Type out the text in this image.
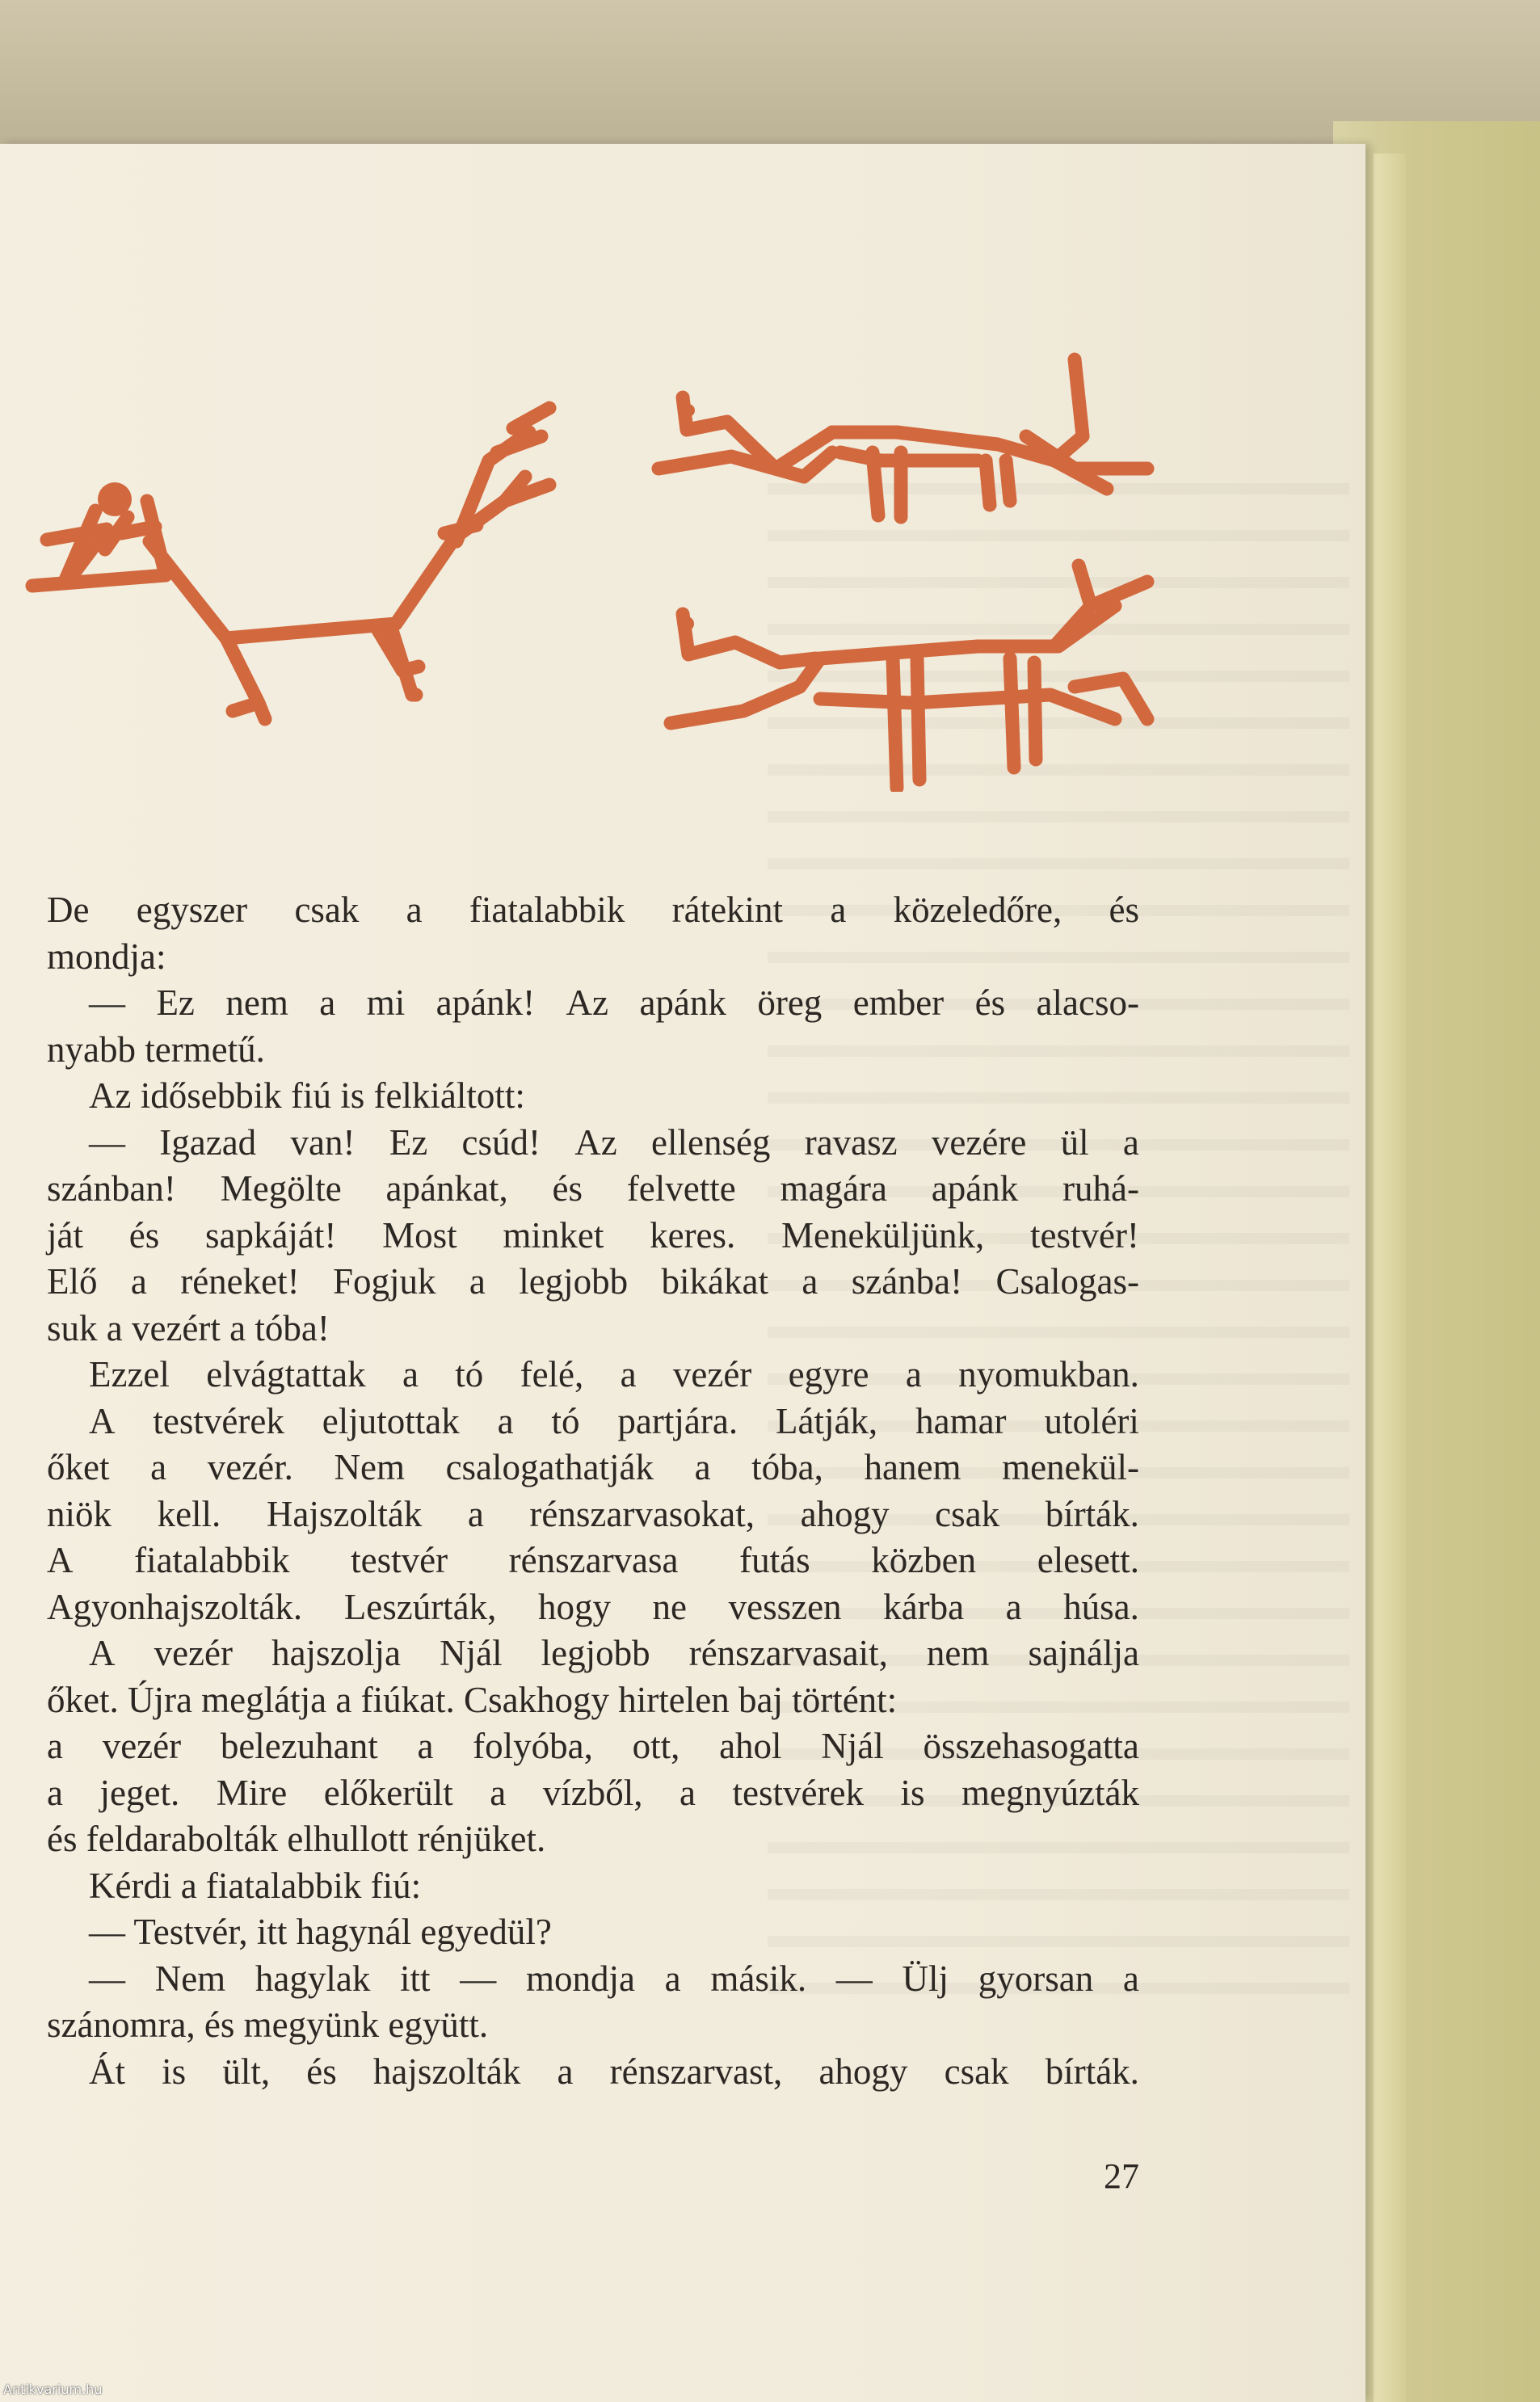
De egyszer csak a fiatalabbik rátekint a közeledőre, és
mondja:
— Ez nem a mi apánk! Az apánk öreg ember és alacso-
nyabb termetű.
Az idősebbik fiú is felkiáltott:
— Igazad van! Ez csúd! Az ellenség ravasz vezére ül a
szánban! Megölte apánkat, és felvette magára apánk ruhá-
ját és sapkáját! Most minket keres. Meneküljünk, testvér!
Elő a réneket! Fogjuk a legjobb bikákat a szánba! Csalogas-
suk a vezért a tóba!
Ezzel elvágtattak a tó felé, a vezér egyre a nyomukban.
A testvérek eljutottak a tó partjára. Látják, hamar utoléri
őket a vezér. Nem csalogathatják a tóba, hanem menekül-
niök kell. Hajszolták a rénszarvasokat, ahogy csak bírták.
A fiatalabbik testvér rénszarvasa futás közben elesett.
Agyonhajszolták. Leszúrták, hogy ne vesszen kárba a húsa.
A vezér hajszolja Njál legjobb rénszarvasait, nem sajnálja
őket. Újra meglátja a fiúkat. Csakhogy hirtelen baj történt:
a vezér belezuhant a folyóba, ott, ahol Njál összehasogatta
a jeget. Mire előkerült a vízből, a testvérek is megnyúzták
és feldarabolták elhullott rénjüket.
Kérdi a fiatalabbik fiú:
— Testvér, itt hagynál egyedül?
— Nem hagylak itt — mondja a másik. — Ülj gyorsan a
szánomra, és megyünk együtt.
Át is ült, és hajszolták a rénszarvast, ahogy csak bírták.
27
Antikvarium.hu
